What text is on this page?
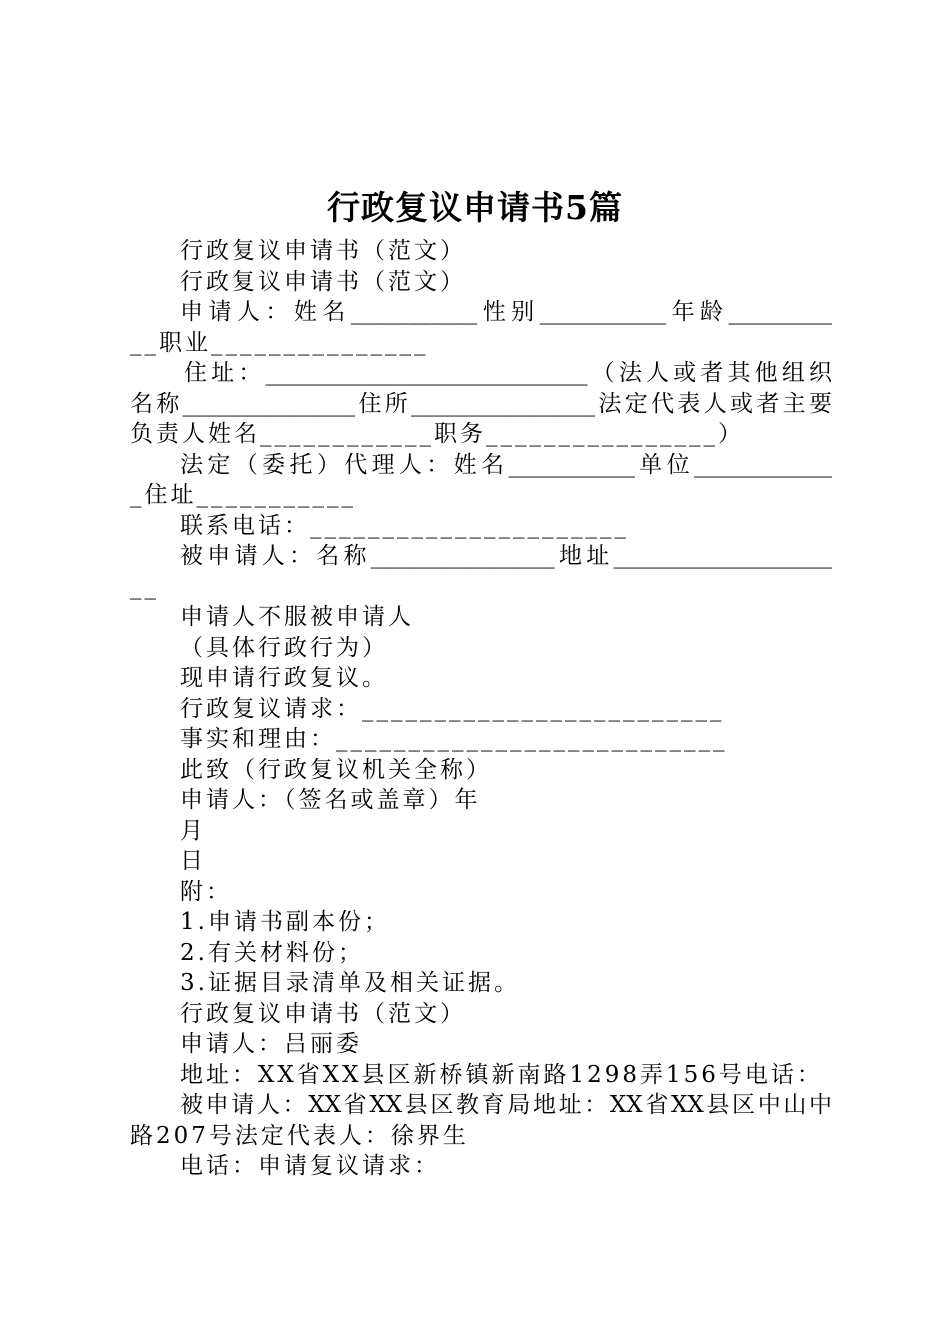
行政复议申请书5篇
行政复议申请书（范文）
行政复议申请书（范文）
申请人：姓名___________性别___________年龄_________
__职业_______________
住址：____________________________（法人或者其他组织
名称_______________住所________________法定代表人或者主要
负责人姓名____________职务________________）
法定（委托）代理人：姓名___________单位____________
_住址___________
联系电话：______________________
被申请人：名称________________地址___________________
__
申请人不服被申请人
（具体行政行为）
现申请行政复议。
行政复议请求：_________________________
事实和理由：___________________________
此致（行政复议机关全称）
申请人：（签名或盖章）年
月
日
附：
1.申请书副本份；
2.有关材料份；
3.证据目录清单及相关证据。
行政复议申请书（范文）
申请人：吕丽委
地址：XX省XX县区新桥镇新南路1298弄156号电话：
被申请人：XX省XX县区教育局地址：XX省XX县区中山中
路207号法定代表人：徐界生
电话：申请复议请求：
